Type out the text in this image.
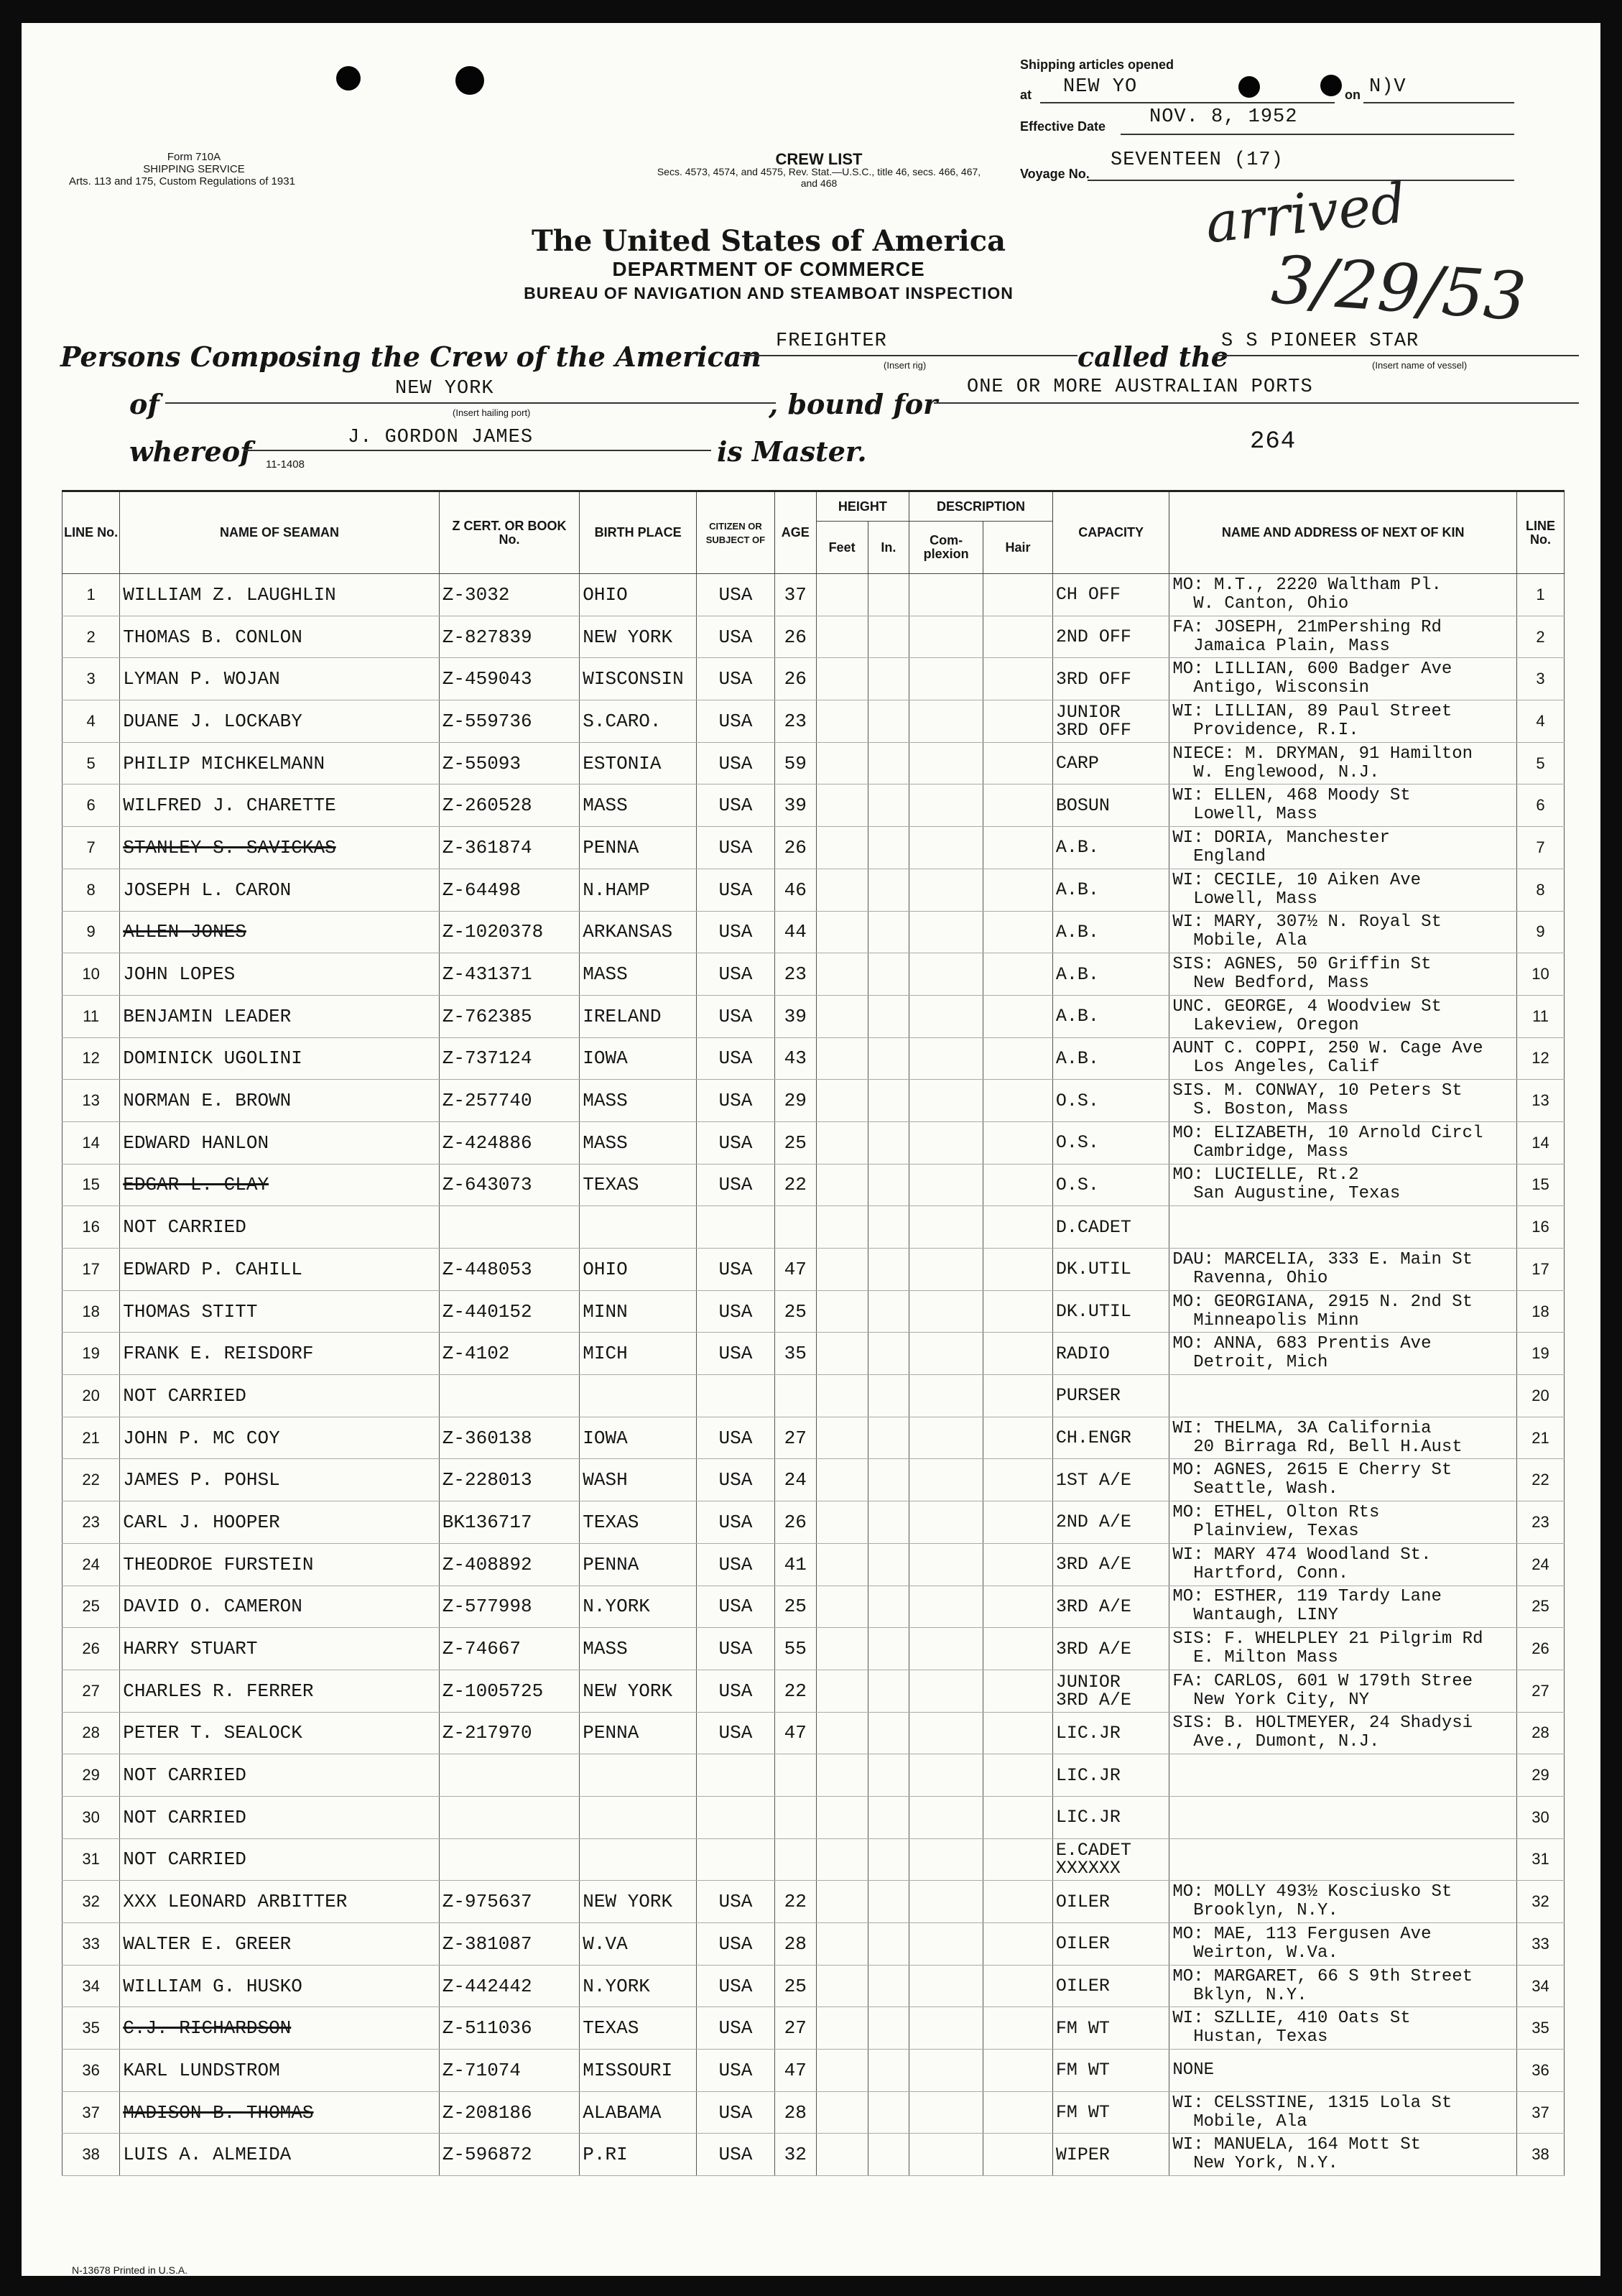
Form 710A
SHIPPING SERVICE
Arts. 113 and 175, Custom Regulations of 1931
CREW LIST
Secs. 4573, 4574, and 4575, Rev. Stat.—U.S.C., title 46, secs. 466, 467, and 468
Shipping articles opened
at NEW YO	on N)V
Effective Date NOV. 8, 1952
Voyage No.
SEVENTEEN (17)
arrived
3/29/53
The United States of America
DEPARTMENT OF COMMERCE
BUREAU OF NAVIGATION AND STEAMBOAT INSPECTION
Persons Composing the Crew of the American FREIGHTER
(Insert rig)	called the
S S PIONEER STAR
(Insert name of vessel)
of	NEW YORK
(Insert hailing port)	, bound for
ONE OR MORE AUSTRALIAN PORTS
whereof	J. GORDON JAMES	is Master.
11-1408
264
LINE No.	NAME OF SEAMAN	Z CERT. OR BOOK No.	BIRTH PLACE	CITIZEN OR SUBJECT OF	AGE	HEIGHT		DESCRIPTION		CAPACITY	NAME AND ADDRESS OF NEXT OF KIN	LINE No.
						Feet	In.	Com- plexion	Hair			
1	WILLIAM Z. LAUGHLIN	Z-3032	OHIO	USA	37					CH OFF	MO: M.T., 2220 Waltham Pl.
W. Canton, Ohio	1
2	THOMAS B. CONLON	Z-827839	NEW YORK	USA	26					2ND OFF	FA: JOSEPH, 21mPershing Rd
Jamaica Plain, Mass	2
3	LYMAN P. WOJAN	Z-459043	WISCONSIN	USA	26					3RD OFF	MO: LILLIAN, 600 Badger Ave
Antigo, Wisconsin	3
4	DUANE J. LOCKABY	Z-559736	S.CARO.	USA	23					JUNIOR
3RD OFF	WI: LILLIAN, 89 Paul Street
Providence, R.I.	4
5	PHILIP MICHKELMANN	Z-55093	ESTONIA	USA	59					CARP	NIECE: M. DRYMAN, 91 Hamilton
W. Englewood, N.J.	5
6	WILFRED J. CHARETTE	Z-260528	MASS	USA	39					BOSUN	WI: ELLEN, 468 Moody St
Lowell, Mass	6
7	STANLEY S. SAVICKAS	Z-361874	PENNA	USA	26					A.B.	WI: DORIA, Manchester
England	7
8	JOSEPH L. CARON	Z-64498	N.HAMP	USA	46					A.B.	WI: CECILE, 10 Aiken Ave
Lowell, Mass	8
9	ALLEN JONES	Z-1020378	ARKANSAS	USA	44					A.B.	WI: MARY, 307½ N. Royal St
Mobile, Ala	9
10	JOHN LOPES	Z-431371	MASS	USA	23					A.B.	SIS: AGNES, 50 Griffin St
New Bedford, Mass	10
11	BENJAMIN LEADER	Z-762385	IRELAND	USA	39					A.B.	UNC. GEORGE, 4 Woodview St
Lakeview, Oregon	11
12	DOMINICK UGOLINI	Z-737124	IOWA	USA	43					A.B.	AUNT C. COPPI, 250 W. Cage Ave
Los Angeles, Calif	12
13	NORMAN E. BROWN	Z-257740	MASS	USA	29					O.S.	SIS. M. CONWAY, 10 Peters St
S. Boston, Mass	13
14	EDWARD HANLON	Z-424886	MASS	USA	25					O.S.	MO: ELIZABETH, 10 Arnold Circl
Cambridge, Mass	14
15	EDGAR L. CLAY	Z-643073	TEXAS	USA	22					O.S.	MO: LUCIELLE, Rt.2
San Augustine, Texas	15
16	NOT CARRIED									D.CADET		16
17	EDWARD P. CAHILL	Z-448053	OHIO	USA	47					DK.UTIL	DAU: MARCELIA, 333 E. Main St
Ravenna, Ohio	17
18	THOMAS STITT	Z-440152	MINN	USA	25					DK.UTIL	MO: GEORGIANA, 2915 N. 2nd St
Minneapolis Minn	18
19	FRANK E. REISDORF	Z-4102	MICH	USA	35					RADIO	MO: ANNA, 683 Prentis Ave
Detroit, Mich	19
20	NOT CARRIED									PURSER		20
21	JOHN P. MC COY	Z-360138	IOWA	USA	27					CH.ENGR	WI: THELMA, 3A California
20 Birraga Rd, Bell H.Aust	21
22	JAMES P. POHSL	Z-228013	WASH	USA	24					1ST A/E	MO: AGNES, 2615 E Cherry St
Seattle, Wash.	22
23	CARL J. HOOPER	BK136717	TEXAS	USA	26					2ND A/E	MO: ETHEL, Olton Rts
Plainview, Texas	23
24	THEODROE FURSTEIN	Z-408892	PENNA	USA	41					3RD A/E	WI: MARY 474 Woodland St.
Hartford, Conn.	24
25	DAVID O. CAMERON	Z-577998	N.YORK	USA	25					3RD A/E	MO: ESTHER, 119 Tardy Lane
Wantaugh, LINY	25
26	HARRY STUART	Z-74667	MASS	USA	55					3RD A/E	SIS: F. WHELPLEY 21 Pilgrim Rd
E. Milton Mass	26
27	CHARLES R. FERRER	Z-1005725	NEW YORK	USA	22					JUNIOR
3RD A/E	FA: CARLOS, 601 W 179th Stree
New York City, NY	27
28	PETER T. SEALOCK	Z-217970	PENNA	USA	47					LIC.JR	SIS: B. HOLTMEYER, 24 Shadysi
Ave., Dumont, N.J.	28
29	NOT CARRIED									LIC.JR		29
30	NOT CARRIED									LIC.JR		30
31	NOT CARRIED									E.CADET
XXXXXX		31
32	XXX LEONARD ARBITTER	Z-975637	NEW YORK	USA	22					OILER	MO: MOLLY 493½ Kosciusko St
Brooklyn, N.Y.	32
33	WALTER E. GREER	Z-381087	W.VA	USA	28					OILER	MO: MAE, 113 Fergusen Ave
Weirton, W.Va.	33
34	WILLIAM G. HUSKO	Z-442442	N.YORK	USA	25					OILER	MO: MARGARET, 66 S 9th Street
Bklyn, N.Y.	34
35	C.J. RICHARDSON	Z-511036	TEXAS	USA	27					FM WT	WI: SZLLIE, 410 Oats St
Hustan, Texas	35
36	KARL LUNDSTROM	Z-71074	MISSOURI	USA	47					FM WT	NONE	36
37	MADISON B. THOMAS	Z-208186	ALABAMA	USA	28					FM WT	WI: CELSSTINE, 1315 Lola St
Mobile, Ala	37
38	LUIS A. ALMEIDA	Z-596872	P.RI	USA	32					WIPER	WI: MANUELA, 164 Mott St
New York, N.Y.	38
N-13678 Printed in U.S.A.
